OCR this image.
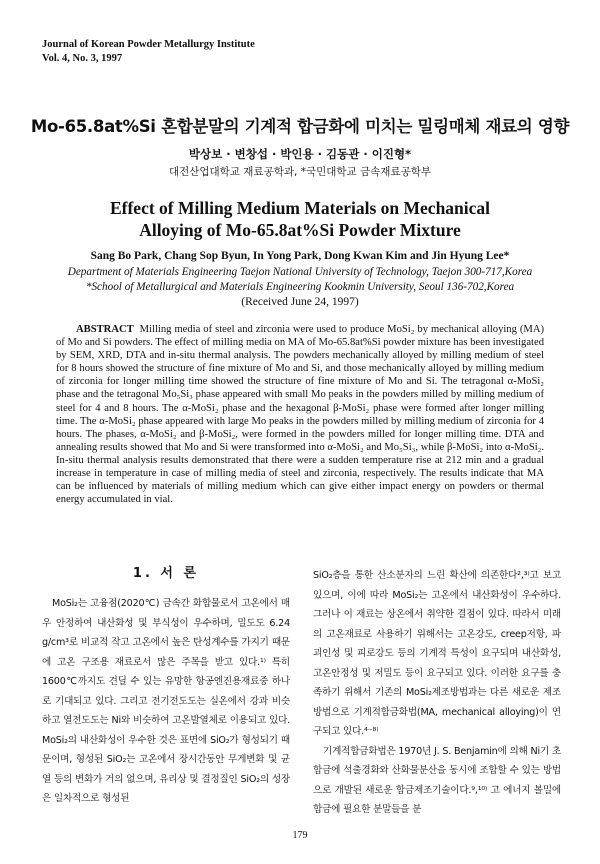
Journal of Korean Powder Metallurgy Institute
Vol. 4, No. 3, 1997
Mo-65.8at%Si 혼합분말의 기계적 합금화에 미치는 밀링매체 재료의 영향
박상보 · 변창섭 · 박인용 · 김동관 · 이진형*
대전산업대학교 재료공학과, *국민대학교 금속재료공학부
Effect of Milling Medium Materials on Mechanical
Alloying of Mo-65.8at%Si Powder Mixture
Sang Bo Park, Chang Sop Byun, In Yong Park, Dong Kwan Kim and Jin Hyung Lee*
Department of Materials Engineering Taejon National University of Technology, Taejon 300-717,Korea
*School of Metallurgical and Materials Engineering Kookmin University, Seoul 136-702,Korea
(Received June 24, 1997)
ABSTRACT Milling media of steel and zirconia were used to produce MoSi₂ by mechanical alloying (MA) of Mo and Si powders. The effect of milling media on MA of Mo-65.8at%Si powder mixture has been investigated by SEM, XRD, DTA and in-situ thermal analysis. The powders mechanically alloyed by milling medium of steel for 8 hours showed the structure of fine mixture of Mo and Si, and those mechanically alloyed by milling medium of zirconia for longer milling time showed the structure of fine mixture of Mo and Si. The tetragonal α-MoSi₂ phase and the tetragonal Mo₅Si₃ phase appeared with small Mo peaks in the powders milled by milling medium of steel for 4 and 8 hours. The α-MoSi₂ phase and the hexagonal β-MoSi₂ phase were formed after longer milling time. The α-MoSi₂ phase appeared with large Mo peaks in the powders milled by milling medium of zirconia for 4 hours. The phases, α-MoSi₂ and β-MoSi₂, were formed in the powders milled for longer milling time. DTA and annealing results showed that Mo and Si were transformed into α-MoSi₂ and Mo₅Si₃, while β-MoSi₂ into α-MoSi₂. In-situ thermal analysis results demonstrated that there were a sudden temperature rise at 212 min and a gradual increase in temperature in case of milling media of steel and zirconia, respectively. The results indicate that MA can be influenced by materials of milling medium which can give either impact energy on powders or thermal energy accumulated in vial.
1. 서 론

MoSi₂는 고융점(2020℃) 금속간 화합물로서 고온에서 매우 안정하여 내산화성 및 부식성이 우수하며, 밀도도 6.24 g/cm³로 비교적 작고 고온에서 높은 탄성계수를 가지기 때문에 고온 구조용 재료로서 많은 주목을 받고 있다.¹⁾ 특히 1600℃까지도 견딜 수 있는 유망한 항공엔진용재료중 하나로 기대되고 있다. 그리고 전기전도도는 실온에서 강과 비슷하고 열전도도는 Ni와 비슷하여 고온발열체로 이용되고 있다. MoSi₂의 내산화성이 우수한 것은 표면에 SiO₂가 형성되기 때문이며, 형성된 SiO₂는 고온에서 장시간동안 무게변화 및 균열 등의 변화가 거의 없으며, 유리상 및 결정질인 SiO₂의 성장은 일차적으로 형성된

SiO₂층을 통한 산소분자의 느린 확산에 의존한다²,³⁾고 보고 있으며, 이에 따라 MoSi₂는 고온에서 내산화성이 우수하다. 그러나 이 재료는 상온에서 취약한 결점이 있다. 따라서 미래의 고온재료로 사용하기 위해서는 고온강도, creep저항, 파괴인성 및 피로강도 등의 기계적 특성이 요구되며 내산화성, 고온안정성 및 저밀도 등이 요구되고 있다. 이러한 요구를 충족하기 위해서 기존의 MoSi₂제조방법과는 다른 새로운 제조방법으로 기계적합금화법(MA, mechanical alloying)이 연구되고 있다.⁴⁻⁸⁾

기계적합금화법은 1970년 J. S. Benjamin에 의해 Ni기 초합금에 석출경화와 산화물분산을 동시에 조합할 수 있는 방법으로 개발된 새로운 합금제조기술이다.⁹,¹⁰⁾ 고 에너지 볼밀에 합금에 필요한 분말들을 분

179
